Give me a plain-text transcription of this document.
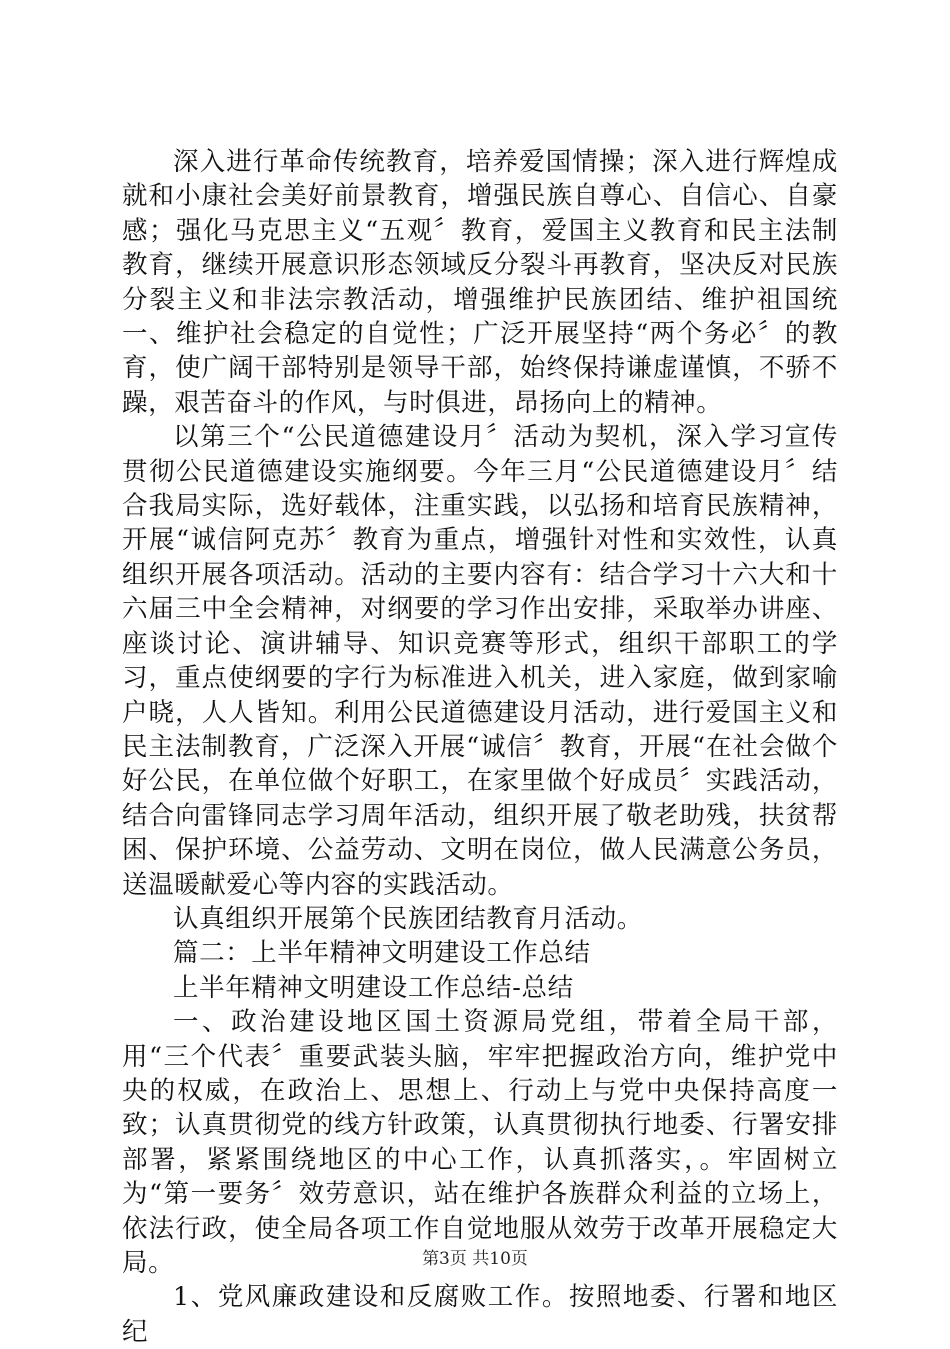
深入进行革命传统教育，培养爱国情操；深入进行辉煌成就和小康社会美好前景教育，增强民族自尊心、自信心、自豪感；强化马克思主义“五观〞教育，爱国主义教育和民主法制教育，继续开展意识形态领域反分裂斗再教育，坚决反对民族分裂主义和非法宗教活动，增强维护民族团结、维护祖国统一、维护社会稳定的自觉性；广泛开展坚持“两个务必〞的教育，使广阔干部特别是领导干部，始终保持谦虚谨慎，不骄不躁，艰苦奋斗的作风，与时俱进，昂扬向上的精神。

以第三个“公民道德建设月〞活动为契机，深入学习宣传贯彻公民道德建设实施纲要。今年三月“公民道德建设月〞结合我局实际，选好载体，注重实践，以弘扬和培育民族精神，开展“诚信阿克苏〞教育为重点，增强针对性和实效性，认真组织开展各项活动。活动的主要内容有：结合学习十六大和十六届三中全会精神，对纲要的学习作出安排，采取举办讲座、座谈讨论、演讲辅导、知识竞赛等形式，组织干部职工的学习，重点使纲要的字行为标准进入机关，进入家庭，做到家喻户晓，人人皆知。利用公民道德建设月活动，进行爱国主义和民主法制教育，广泛深入开展“诚信〞教育，开展“在社会做个好公民，在单位做个好职工，在家里做个好成员〞实践活动，结合向雷锋同志学习周年活动，组织开展了敬老助残，扶贫帮困、保护环境、公益劳动、文明在岗位，做人民满意公务员，送温暖献爱心等内容的实践活动。

认真组织开展第个民族团结教育月活动。

篇二：上半年精神文明建设工作总结

上半年精神文明建设工作总结-总结

一、政治建设地区国土资源局党组，带着全局干部，用“三个代表〞重要武装头脑，牢牢把握政治方向，维护党中央的权威，在政治上、思想上、行动上与党中央保持高度一致；认真贯彻党的线方针政策，认真贯彻执行地委、行署安排部署，紧紧围绕地区的中心工作，认真抓落实，。牢固树立为“第一要务〞效劳意识，站在维护各族群众利益的立场上，依法行政，使全局各项工作自觉地服从效劳于改革开展稳定大局。

1、党风廉政建设和反腐败工作。按照地委、行署和地区纪

第3页 共10页
